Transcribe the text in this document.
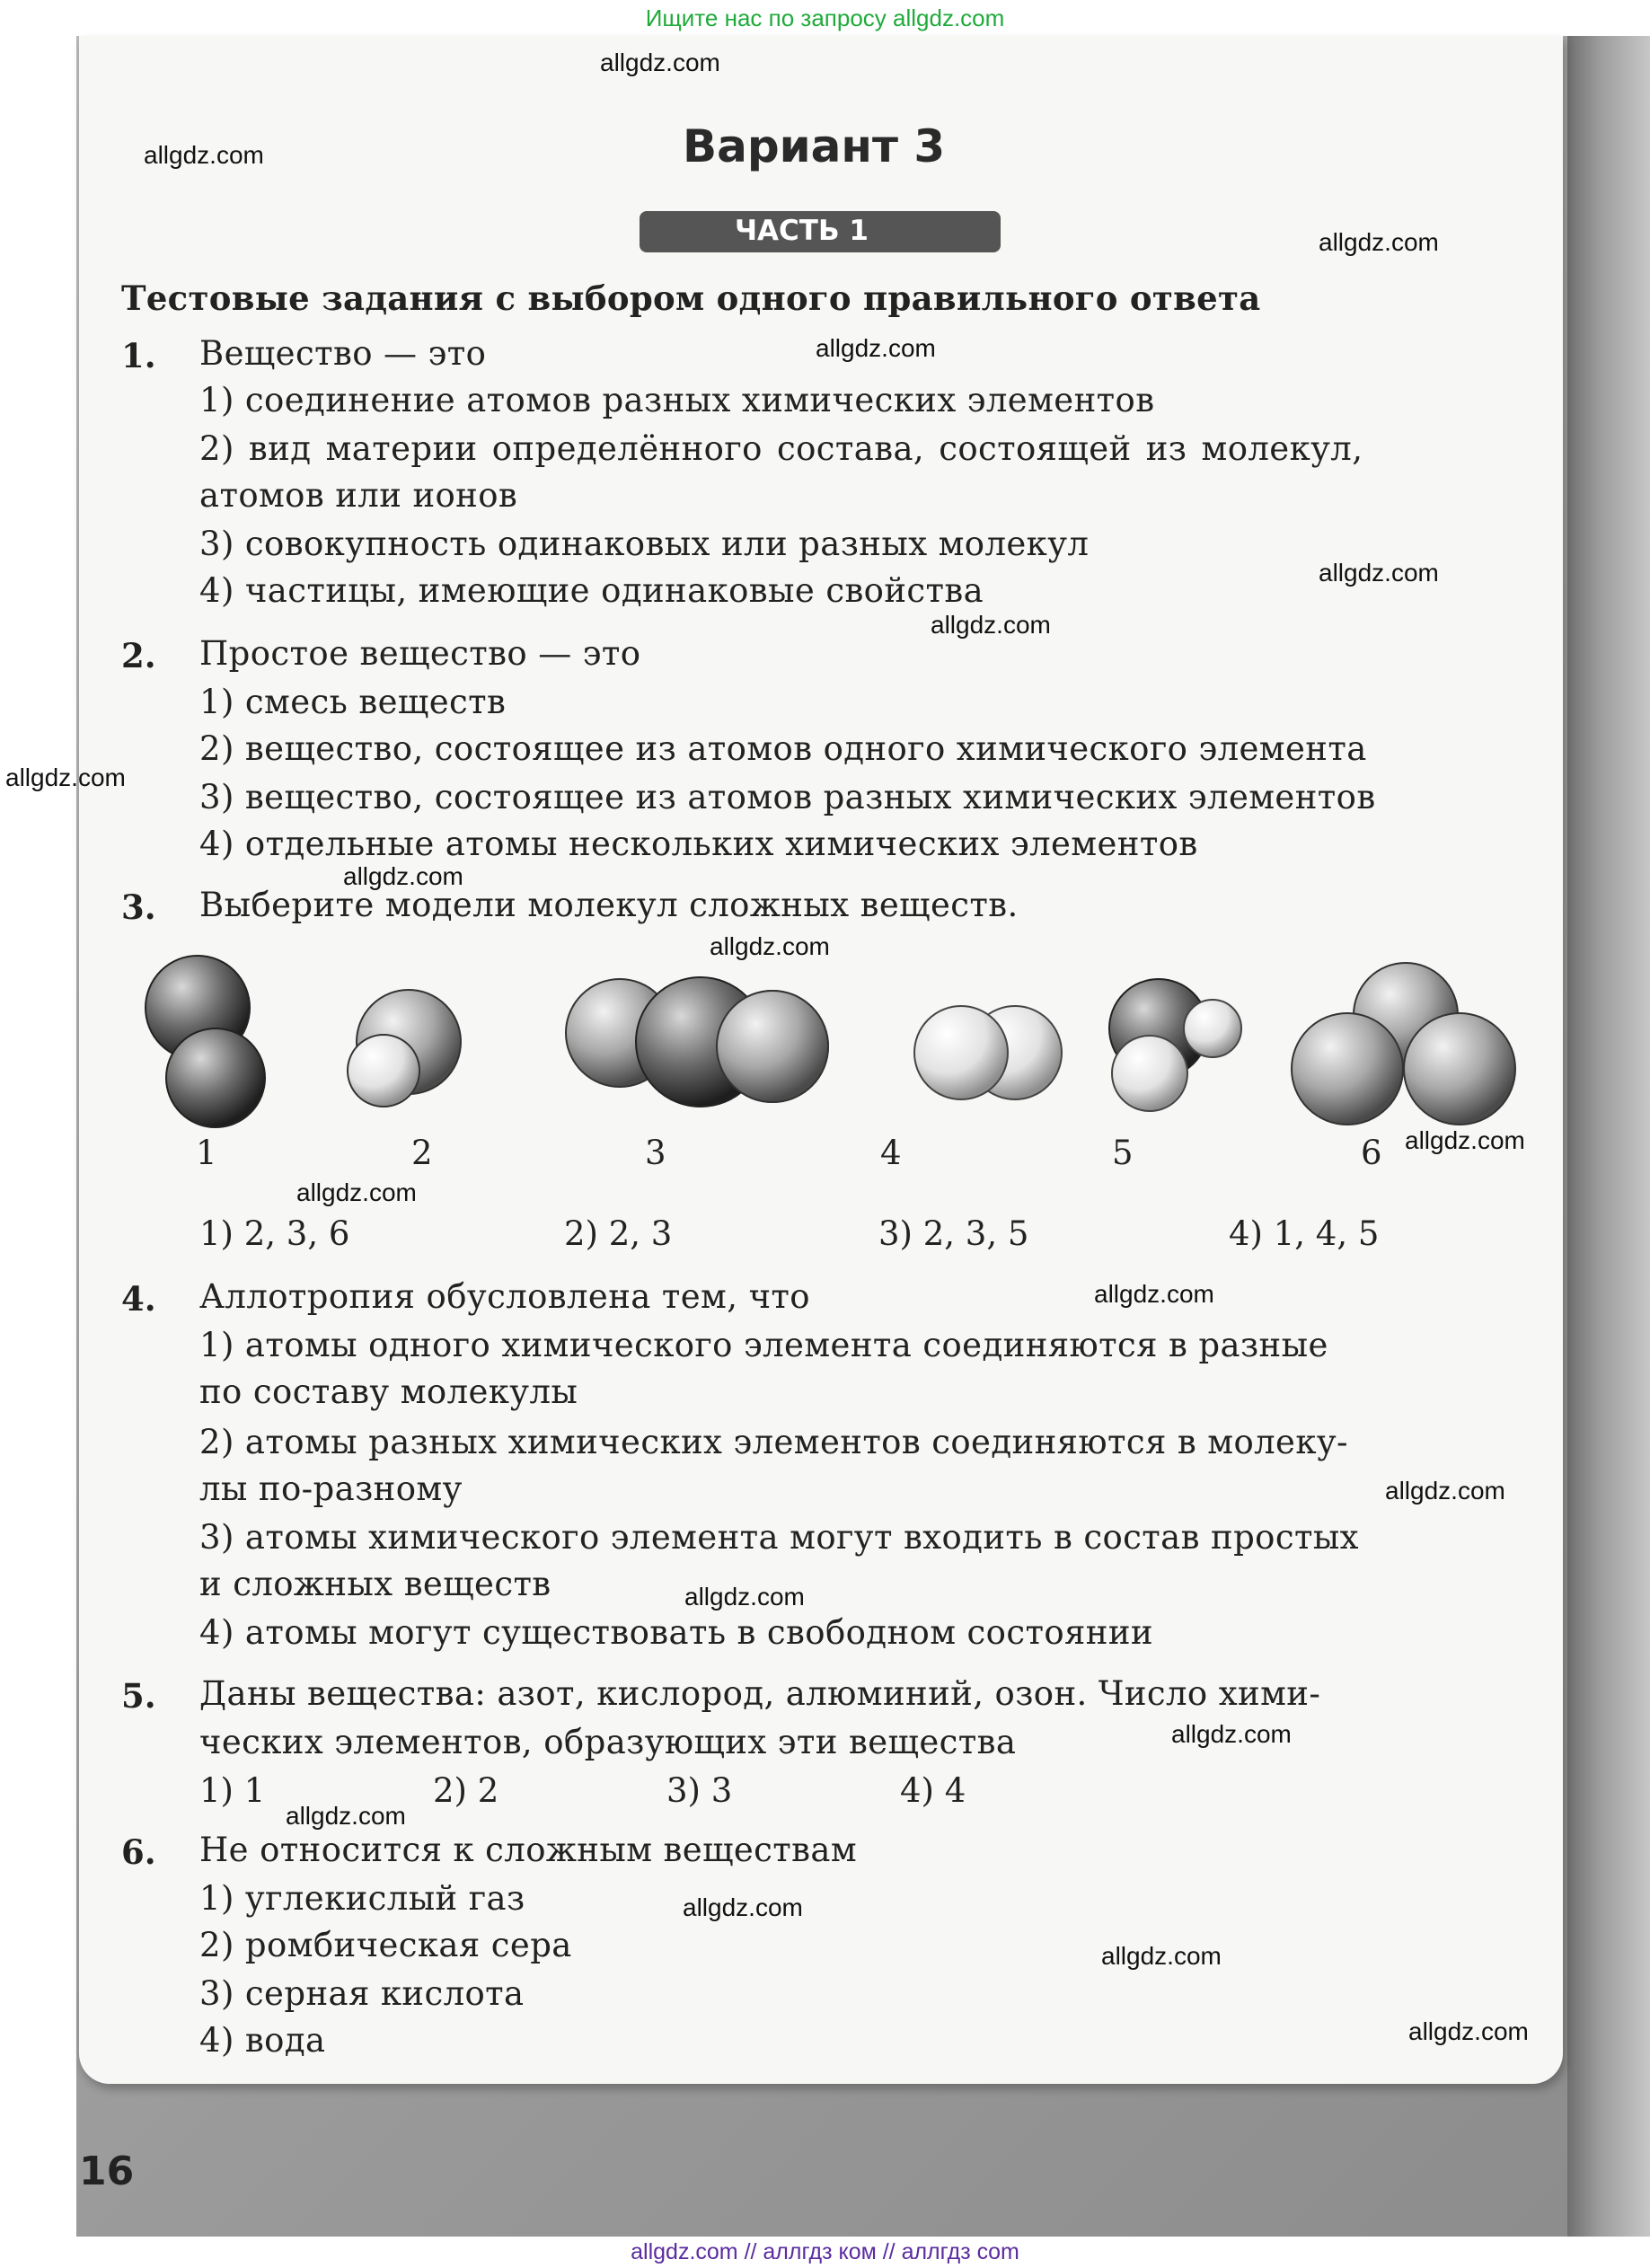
Ищите нас по запросу allgdz.com
Вариант 3
ЧАСТЬ 1
Тестовые задания с выбором одного правильного ответа
1. Вещество — это
1) соединение атомов разных химических элементов
2) вид материи определённого состава, состоящей из молекул,
атомов или ионов
3) совокупность одинаковых или разных молекул
4) частицы, имеющие одинаковые свойства
2. Простое вещество — это
1) смесь веществ
2) вещество, состоящее из атомов одного химического элемента
3) вещество, состоящее из атомов разных химических элементов
4) отдельные атомы нескольких химических элементов
3. Выберите модели молекул сложных веществ.
1	2	3	4	5	6
1) 2, 3, 6	2) 2, 3	3) 2, 3, 5	4) 1, 4, 5
4. Аллотропия обусловлена тем, что
1) атомы одного химического элемента соединяются в разные
по составу молекулы
2) атомы разных химических элементов соединяются в молеку-
лы по-разному
3) атомы химического элемента могут входить в состав простых
и сложных веществ
4) атомы могут существовать в свободном состоянии
5. Даны вещества: азот, кислород, алюминий, озон. Число хими-
ческих элементов, образующих эти вещества
1) 1	2) 2	3) 3	4) 4
6. Не относится к сложным веществам
1) углекислый газ
2) ромбическая сера
3) серная кислота
4) вода
allgdz.com
allgdz.com
allgdz.com
allgdz.com
allgdz.com
allgdz.com
allgdz.com
allgdz.com
allgdz.com
allgdz.com
allgdz.com
allgdz.com
allgdz.com
allgdz.com
allgdz.com
allgdz.com
allgdz.com
allgdz.com
allgdz.com
16
allgdz.com // аллгдз ком // аллгдз com
